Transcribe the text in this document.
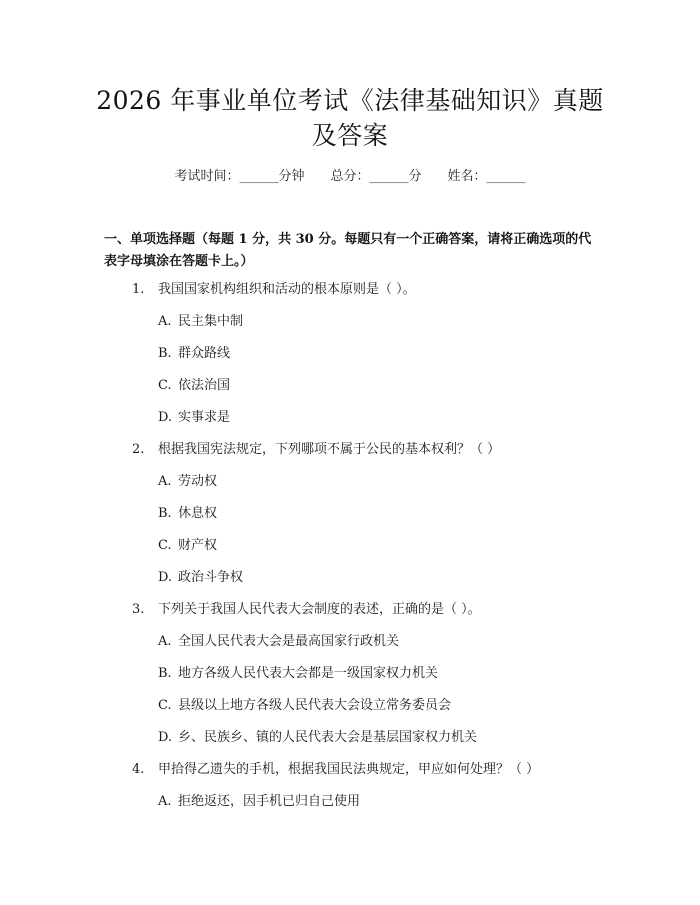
2026 年事业单位考试《法律基础知识》真题
及答案
考试时间：______分钟 总分：______分 姓名：______
一、单项选择题（每题 1 分，共 30 分。每题只有一个正确答案，请将正确选项的代表字母填涂在答题卡上。）
1. 我国国家机构组织和活动的根本原则是（ ）。
A. 民主集中制
B. 群众路线
C. 依法治国
D. 实事求是
2. 根据我国宪法规定，下列哪项不属于公民的基本权利？（ ）
A. 劳动权
B. 休息权
C. 财产权
D. 政治斗争权
3. 下列关于我国人民代表大会制度的表述，正确的是（ ）。
A. 全国人民代表大会是最高国家行政机关
B. 地方各级人民代表大会都是一级国家权力机关
C. 县级以上地方各级人民代表大会设立常务委员会
D. 乡、民族乡、镇的人民代表大会是基层国家权力机关
4. 甲拾得乙遗失的手机，根据我国民法典规定，甲应如何处理？（ ）
A. 拒绝返还，因手机已归自己使用
